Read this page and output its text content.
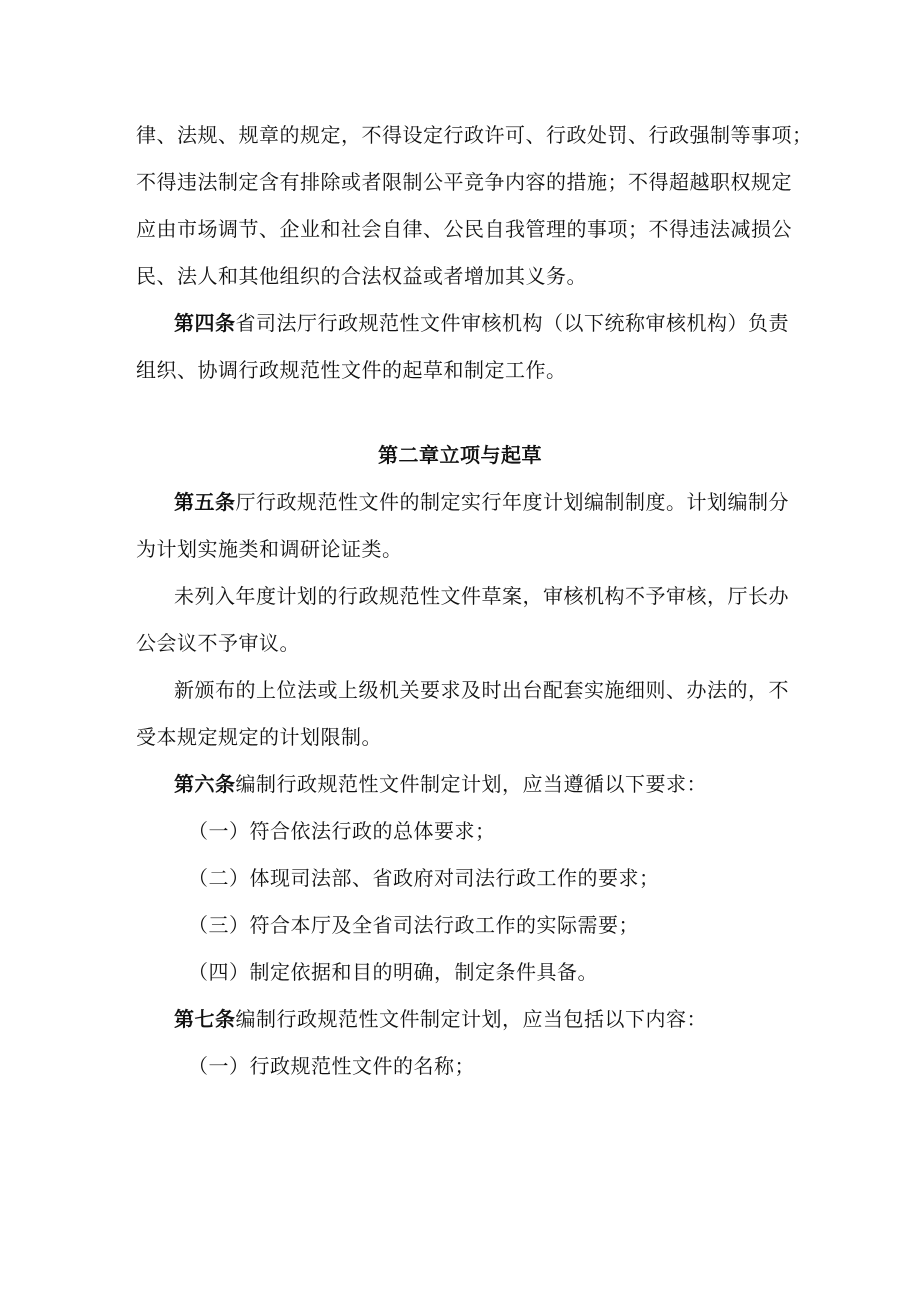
律、法规、规章的规定，不得设定行政许可、行政处罚、行政强制等事项；
不得违法制定含有排除或者限制公平竞争内容的措施；不得超越职权规定
应由市场调节、企业和社会自律、公民自我管理的事项；不得违法减损公
民、法人和其他组织的合法权益或者增加其义务。
第四条省司法厅行政规范性文件审核机构（以下统称审核机构）负责
组织、协调行政规范性文件的起草和制定工作。
第二章立项与起草
第五条厅行政规范性文件的制定实行年度计划编制制度。计划编制分
为计划实施类和调研论证类。
未列入年度计划的行政规范性文件草案，审核机构不予审核，厅长办
公会议不予审议。
新颁布的上位法或上级机关要求及时出台配套实施细则、办法的，不
受本规定规定的计划限制。
第六条编制行政规范性文件制定计划，应当遵循以下要求：
（一）符合依法行政的总体要求；
（二）体现司法部、省政府对司法行政工作的要求；
（三）符合本厅及全省司法行政工作的实际需要；
（四）制定依据和目的明确，制定条件具备。
第七条编制行政规范性文件制定计划，应当包括以下内容：
（一）行政规范性文件的名称；
